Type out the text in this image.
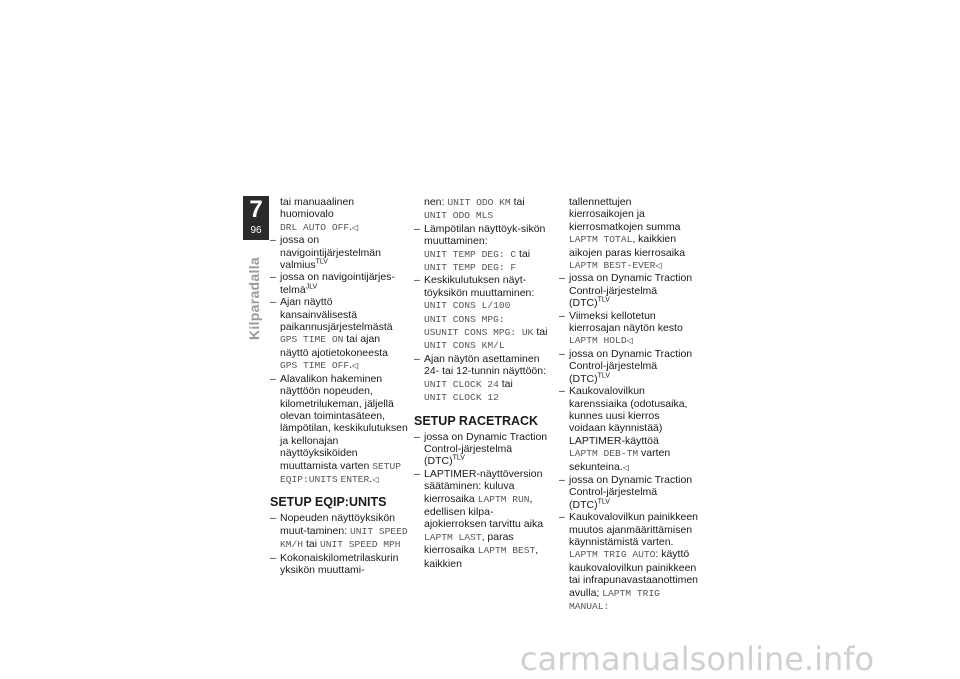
7
96
Kilparadalla

tai manuaalinen huomiovalo
DRL AUTO OFF.◁

– jossa on navigointijärjestelmän valmius$^{TLV}$

– jossa on navigointijärjes-telmä$^{JLV}$

– Ajan näyttö kansainvälisestä paikannusjärjestelmästä
GPS TIME ON tai ajan näyttö ajotietokoneesta
GPS TIME OFF.◁

– Alavalikon hakeminen näyttöön nopeuden, kilometrilukeman, jäljellä olevan toimintasäteen, lämpötilan, keskikulutuksen ja kellonajan näyttöyksiköiden muuttamista varten SETUP EQIP:UNITS ENTER.◁

SETUP EQIP:UNITS

– Nopeuden näyttöyksikön muut-taminen: UNIT SPEED KM/H tai UNIT SPEED MPH

– Kokonaiskilometrilaskurin yksikön muuttami-

nen: UNIT ODO KM tai
UNIT ODO MLS

– Lämpötilan näyttöyk-sikön muuttaminen:
UNIT TEMP DEG: C tai
UNIT TEMP DEG: F

– Keskikulutuksen näyt-töyksikön muuttaminen:
UNIT CONS L/100
UNIT CONS MPG:
USUNIT CONS MPG: UK tai
UNIT CONS KM/L

– Ajan näytön asettaminen 24- tai 12-tunnin näyttöön:
UNIT CLOCK 24 tai
UNIT CLOCK 12

SETUP RACETRACK

– jossa on Dynamic Traction Control-järjestelmä (DTC)$^{TLV}$

– LAPTIMER-näyttöversion säätäminen: kuluva kierrosaika LAPTM RUN, edellisen kilpa-ajokierroksen tarvittu aika LAPTM LAST, paras kierrosaika LAPTM BEST, kaikkien

tallennettujen kierrosaikojen ja kierrosmatkojen summa
LAPTM TOTAL, kaikkien aikojen paras kierrosaika
LAPTM BEST-EVER◁

– jossa on Dynamic Traction Control-järjestelmä (DTC)$^{TLV}$

– Viimeksi kellotetun kierrosajan näytön kesto LAPTM HOLD◁

– jossa on Dynamic Traction Control-järjestelmä (DTC)$^{TLV}$

– Kaukovalovilkun karenssiaika (odotusaika, kunnes uusi kierros voidaan käynnistää) LAPTIMER-käyttöä
LAPTM DEB-TM varten sekunteina.◁

– jossa on Dynamic Traction Control-järjestelmä (DTC)$^{TLV}$

– Kaukovalovilkun painikkeen muutos ajanmäärittämisen käynnistämistä varten.
LAPTM TRIG AUTO: käyttö kaukovalovilkun painikkeen tai infrapunavastaanottimen avulla; LAPTM TRIG MANUAL:

carmanualsonline.info
